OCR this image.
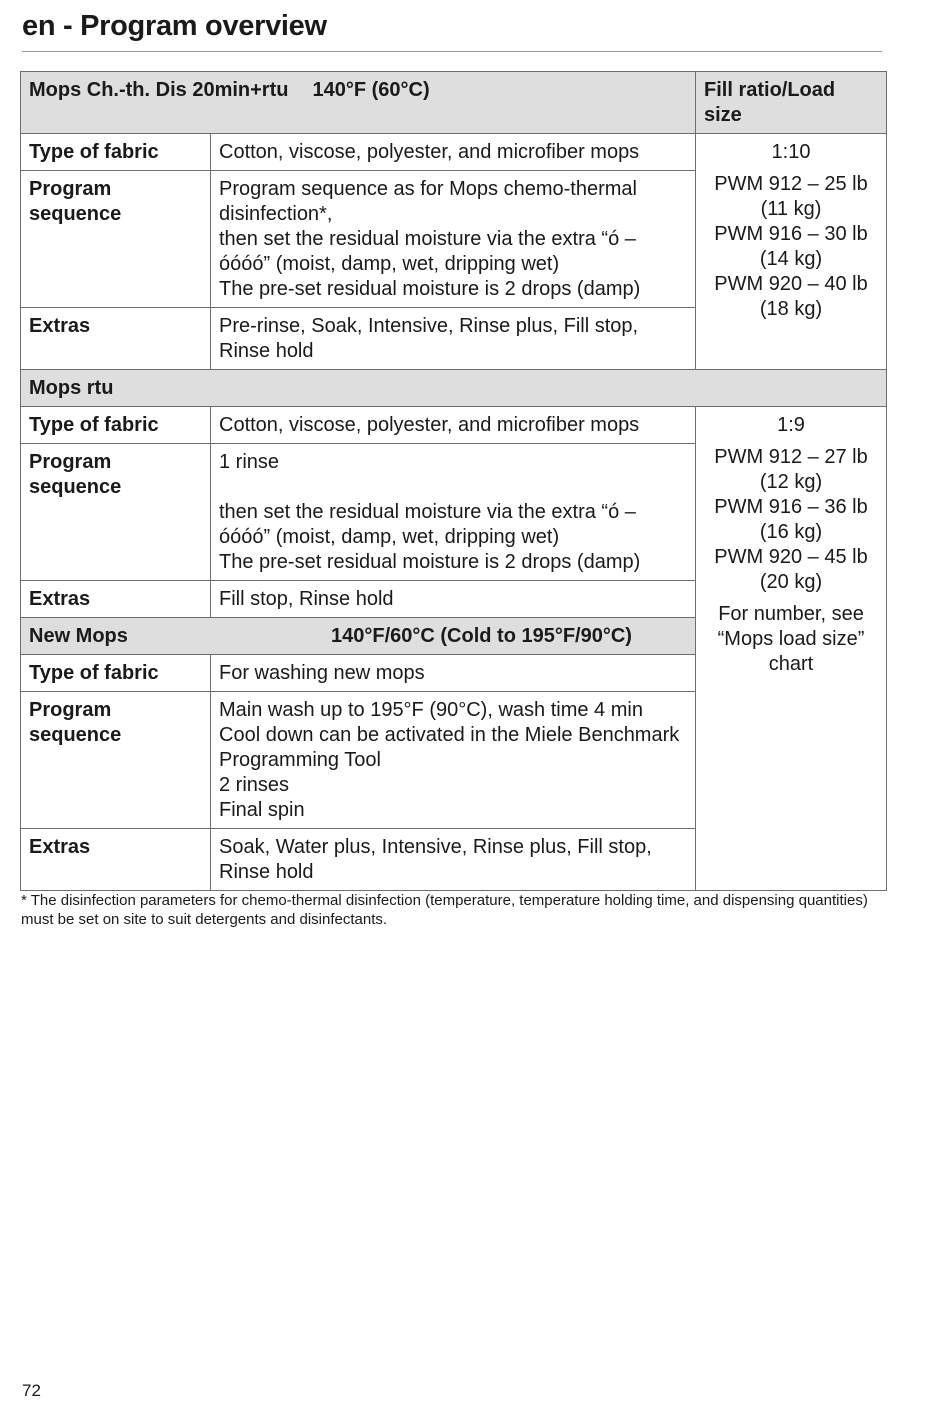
en - Program overview
Mops Ch.-th. Dis 20min+rtu 140°F (60°C)		Fill ratio/Load size
Type of fabric	Cotton, viscose, polyester, and microfiber mops	1:10

PWM 912 – 25 lb (11 kg)

PWM 916 – 30 lb (14 kg)

PWM 920 – 40 lb (18 kg)

Program sequence	Program sequence as for Mops chemo-thermal disinfection*,
then set the residual moisture via the extra “ó – óóóó” (moist, damp, wet, dripping wet)
The pre-set residual moisture is 2 drops (damp)	

Extras	Pre-rinse, Soak, Intensive, Rinse plus, Fill stop, Rinse hold	
Mops rtu		
Type of fabric	Cotton, viscose, polyester, and microfiber mops	1:9

PWM 912 – 27 lb (12 kg)

PWM 916 – 36 lb (16 kg)

PWM 920 – 45 lb (20 kg)

For number, see “Mops load size” chart

Program sequence	1 rinse
then set the residual moisture via the extra “ó – óóóó” (moist, damp, wet, dripping wet)
The pre-set residual moisture is 2 drops (damp)	

Extras	Fill stop, Rinse hold	
New Mops 140°F/60°C (Cold to 195°F/90°C)		
Type of fabric	For washing new mops	
Program sequence	Main wash up to 195°F (90°C), wash time 4 min
Cool down can be activated in the Miele Benchmark Programming Tool
2 rinses
Final spin	

Extras	Soak, Water plus, Intensive, Rinse plus, Fill stop, Rinse hold	
* The disinfection parameters for chemo-thermal disinfection (temperature, temperature holding time, and dispensing quantities) must be set on site to suit detergents and disinfectants.
72
